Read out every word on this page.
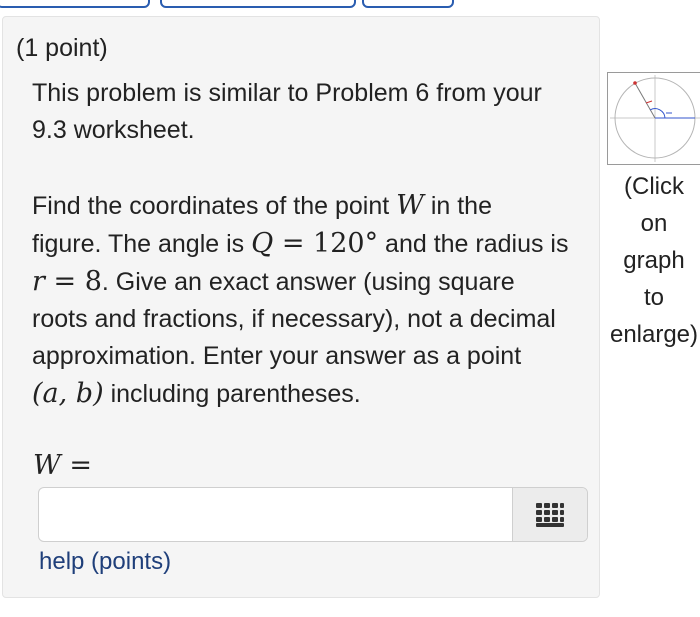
(1 point)

This problem is similar to Problem 6 from your
9.3 worksheet.

Find the coordinates of the point W in the
figure. The angle is Q = 120° and the radius is
r = 8. Give an exact answer (using square
roots and fractions, if necessary), not a decimal
approximation. Enter your answer as a point
(a, b) including parentheses.

W =
help (points)

(Click
on
graph
to
enlarge)
